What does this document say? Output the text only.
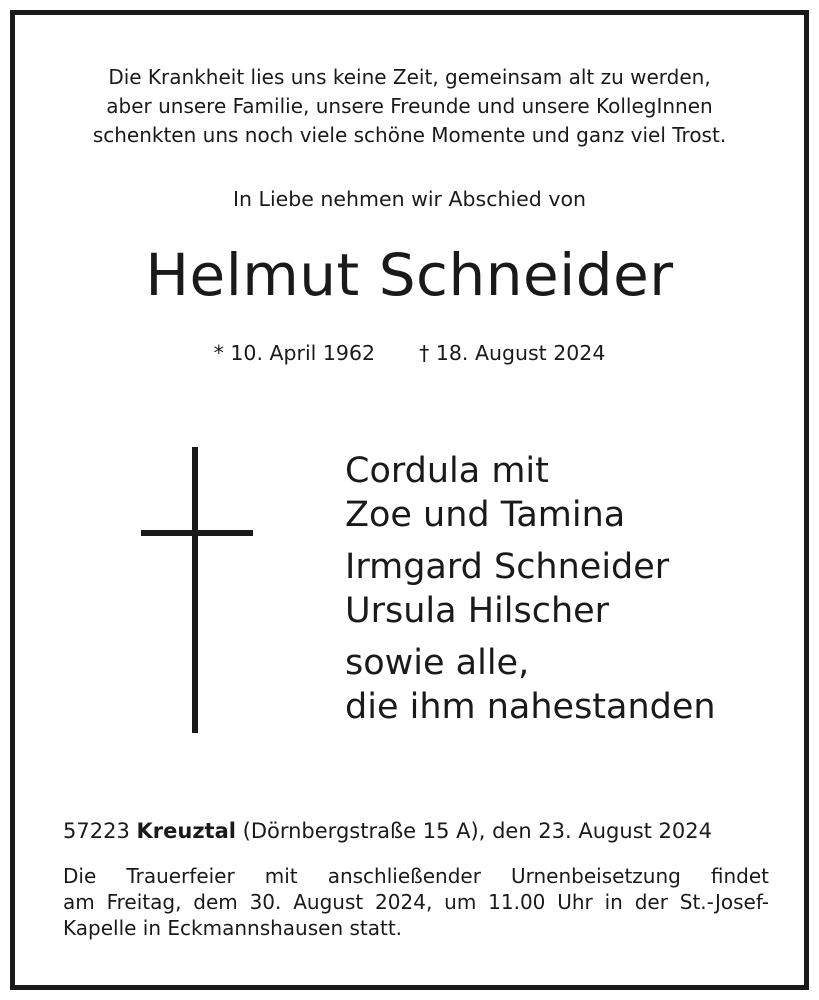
Die Krankheit lies uns keine Zeit, gemeinsam alt zu werden,
aber unsere Familie, unsere Freunde und unsere KollegInnen
schenkten uns noch viele schöne Momente und ganz viel Trost.
In Liebe nehmen wir Abschied von
Helmut Schneider
* 10. April 1962 † 18. August 2024
Cordula mit
Zoe und Tamina
Irmgard Schneider
Ursula Hilscher
sowie alle,
die ihm nahestanden
57223 Kreuztal (Dörnbergstraße 15 A), den 23. August 2024
Die Trauerfeier mit anschließender Urnenbeisetzung findet
am Freitag, dem 30. August 2024, um 11.00 Uhr in der St.-Josef-
Kapelle in Eckmannshausen statt.
